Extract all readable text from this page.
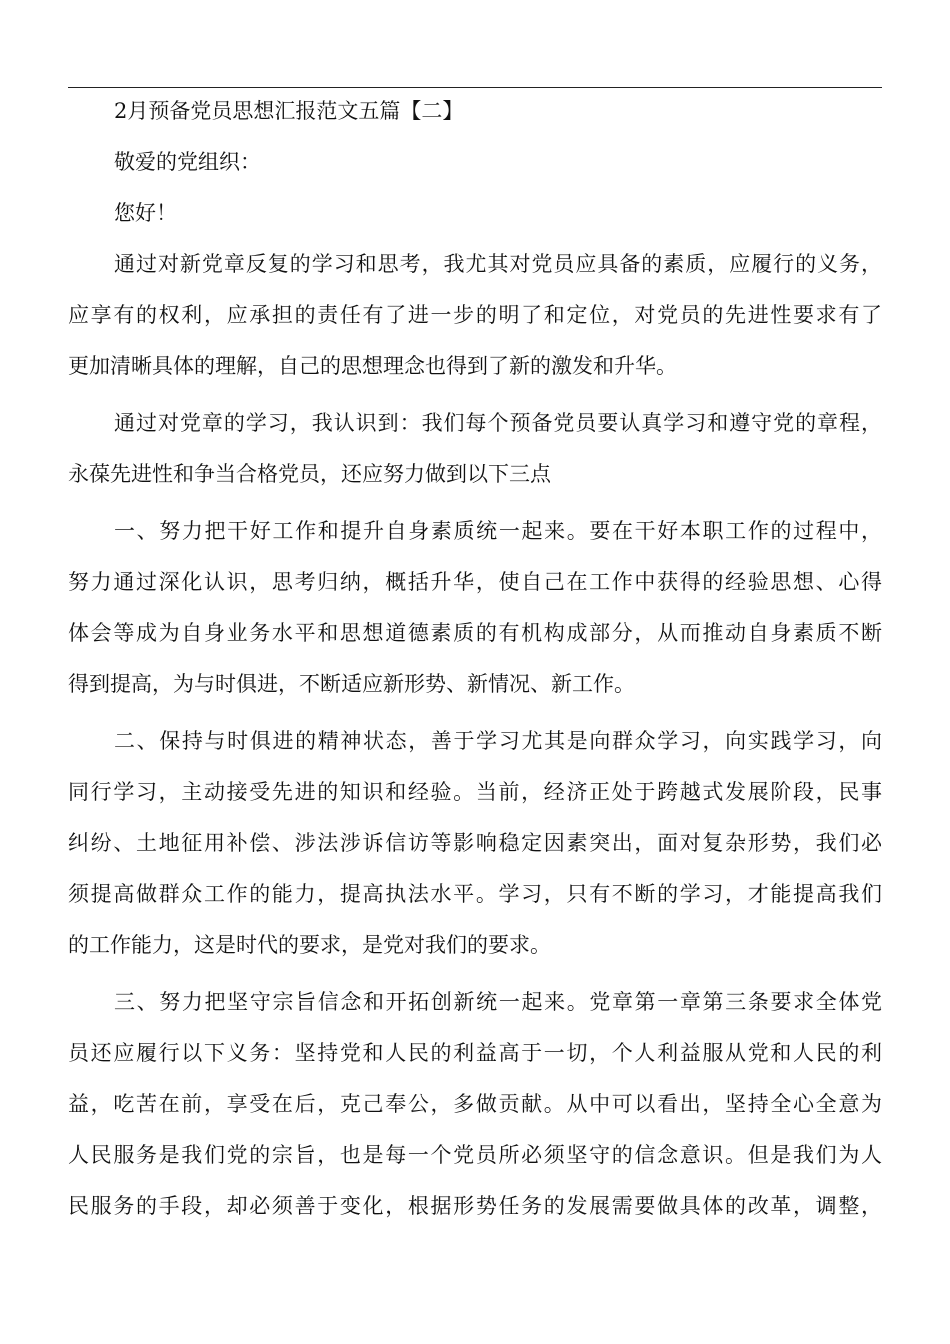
2月预备党员思想汇报范文五篇【二】
敬爱的党组织：
您好！
通过对新党章反复的学习和思考，我尤其对党员应具备的素质，应履行的义务，
应享有的权利，应承担的责任有了进一步的明了和定位，对党员的先进性要求有了
更加清晰具体的理解，自己的思想理念也得到了新的激发和升华。
通过对党章的学习，我认识到：我们每个预备党员要认真学习和遵守党的章程，
永葆先进性和争当合格党员，还应努力做到以下三点
一、努力把干好工作和提升自身素质统一起来。要在干好本职工作的过程中，
努力通过深化认识，思考归纳，概括升华，使自己在工作中获得的经验思想、心得
体会等成为自身业务水平和思想道德素质的有机构成部分，从而推动自身素质不断
得到提高，为与时俱进，不断适应新形势、新情况、新工作。
二、保持与时俱进的精神状态，善于学习尤其是向群众学习，向实践学习，向
同行学习，主动接受先进的知识和经验。当前，经济正处于跨越式发展阶段，民事
纠纷、土地征用补偿、涉法涉诉信访等影响稳定因素突出，面对复杂形势，我们必
须提高做群众工作的能力，提高执法水平。学习，只有不断的学习，才能提高我们
的工作能力，这是时代的要求，是党对我们的要求。
三、努力把坚守宗旨信念和开拓创新统一起来。党章第一章第三条要求全体党
员还应履行以下义务：坚持党和人民的利益高于一切，个人利益服从党和人民的利
益，吃苦在前，享受在后，克己奉公，多做贡献。从中可以看出，坚持全心全意为
人民服务是我们党的宗旨，也是每一个党员所必须坚守的信念意识。但是我们为人
民服务的手段，却必须善于变化，根据形势任务的发展需要做具体的改革，调整，
